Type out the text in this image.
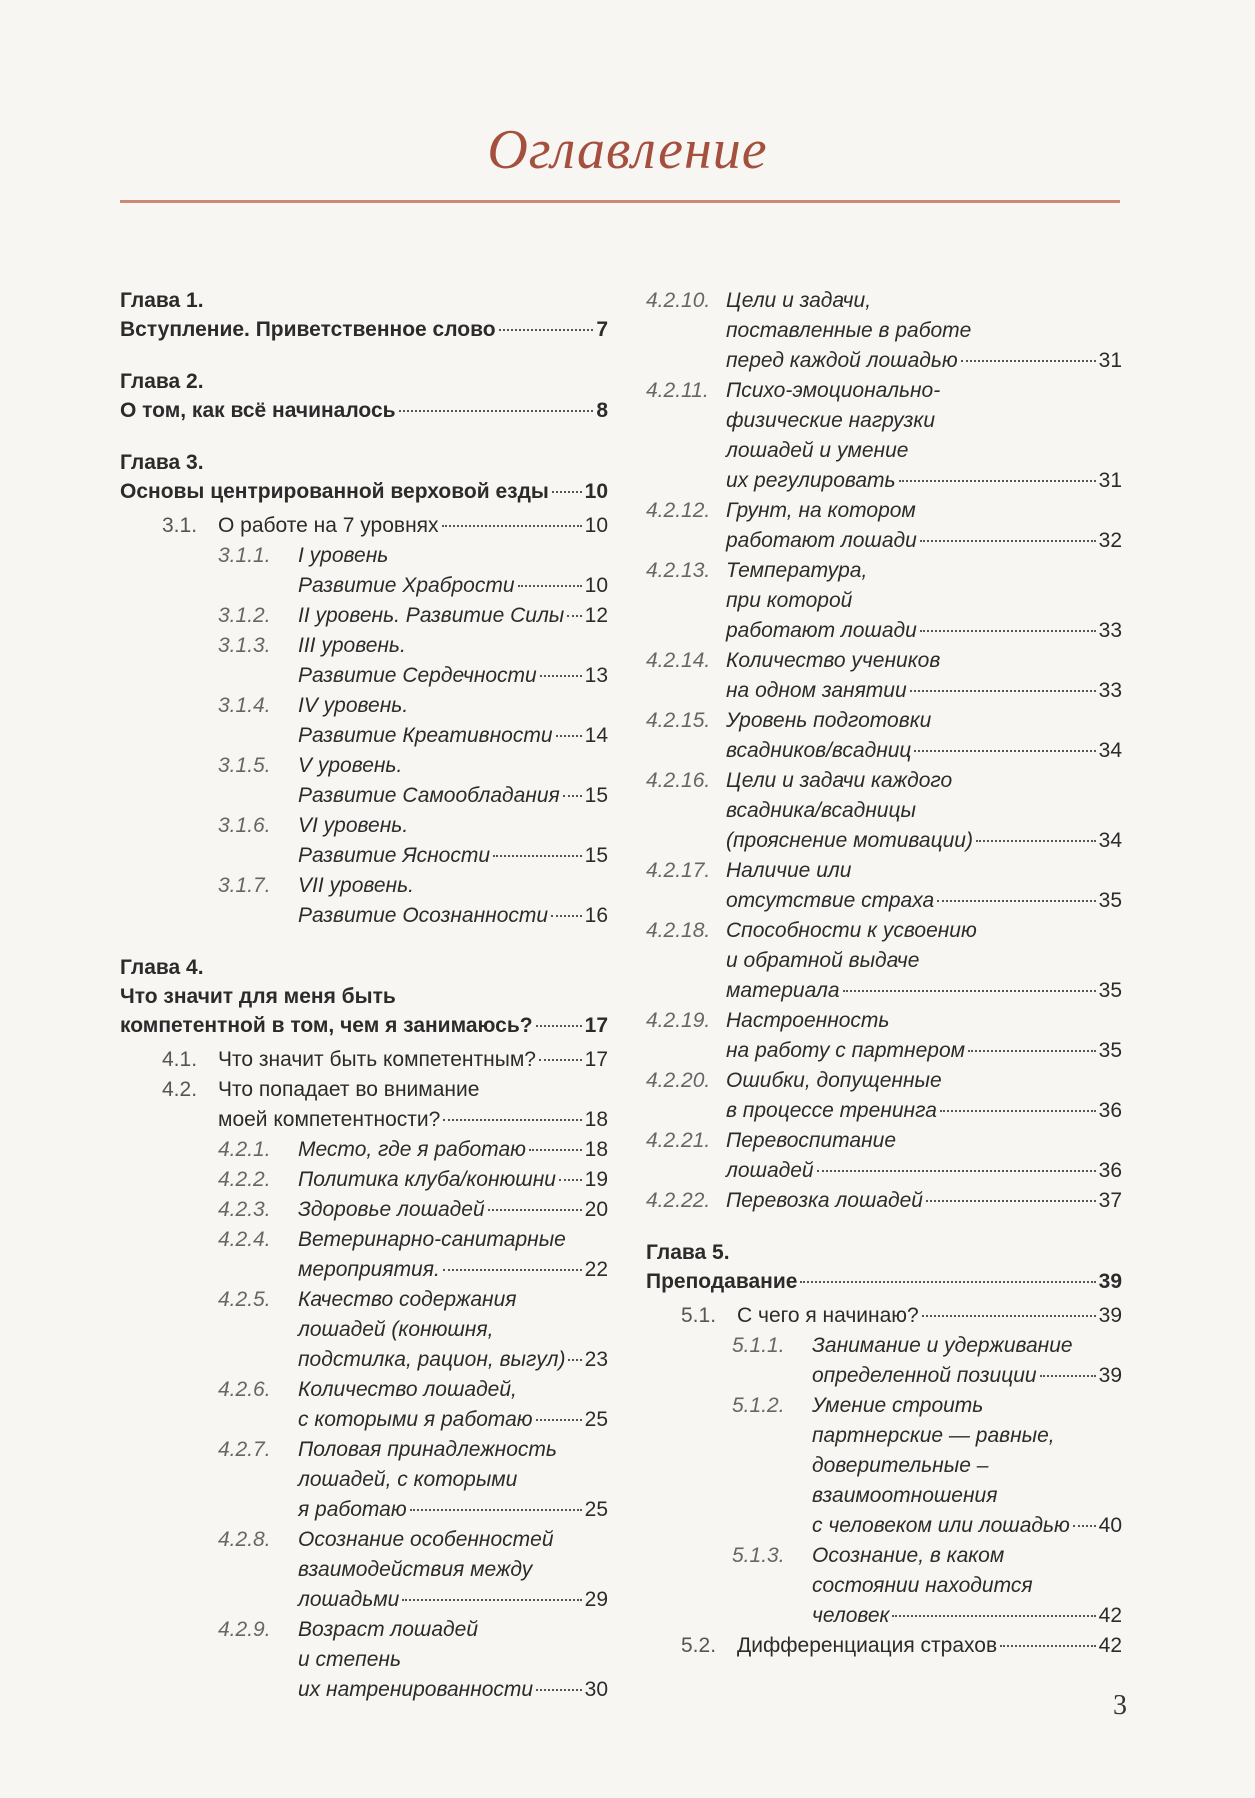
Оглавление
Глава 1.
Вступление. Приветственное слово	7
Глава 2.
О том, как всё начиналось	8
Глава 3.
Основы центрированной верховой езды 10
3.1. О работе на 7 уровнях	10
3.1.1.	I уровень
Развитие Храбрости	10
3.1.2.	II уровень. Развитие Силы 12
3.1.3.	III уровень.
Развитие Сердечности 13
3.1.4.	IV уровень.
Развитие Креативности 14
3.1.5.	V уровень.
Развитие Самообладания 15
3.1.6.	VI уровень.
Развитие Ясности	15
3.1.7.	VII уровень.
Развитие Осознанности 16
Глава 4.
Что значит для меня быть
компетентной в том, чем я занимаюсь? 17
4.1. Что значит быть компетентным? 17
4.2. Что попадает во внимание
моей компетентности?	18
4.2.1.	Место, где я работаю	18
4.2.2.	Политика клуба/конюшни 19
4.2.3.	Здоровье лошадей	20
4.2.4.	Ветеринарно-санитарные
мероприятия.	22
4.2.5.	Качество содержания
лошадей (конюшня,
подстилка, рацион, выгул) 23
4.2.6.	Количество лошадей,
с которыми я работаю 25
4.2.7.	Половая принадлежность
лошадей, с которыми
я работаю	25
4.2.8.	Осознание особенностей
взаимодействия между
лошадьми	29
4.2.9.	Возраст лошадей
и степень
их натренированности 30
4.2.10. Цели и задачи,
поставленные в работе
перед каждой лошадью	31
4.2.11. Психо-эмоционально-
физические нагрузки
лошадей и умение
их регулировать	31
4.2.12. Грунт, на котором
работают лошади	32
4.2.13. Температура,
при которой
работают лошади	33
4.2.14. Количество учеников
на одном занятии	33
4.2.15. Уровень подготовки
всадников/всадниц	34
4.2.16. Цели и задачи каждого
всадника/всадницы
(прояснение мотивации)	34
4.2.17. Наличие или
отсутствие страха	35
4.2.18. Способности к усвоению
и обратной выдаче
материала	35
4.2.19. Настроенность
на работу с партнером	35
4.2.20. Ошибки, допущенные
в процессе тренинга	36
4.2.21. Перевоспитание
лошадей	36
4.2.22. Перевозка лошадей	37
Глава 5.
Преподавание	39
5.1. С чего я начинаю?	39
5.1.1.	Занимание и удерживание
определенной позиции	39
5.1.2.	Умение строить
партнерские — равные,
доверительные –
взаимоотношения
с человеком или лошадью 40
5.1.3.	Осознание, в каком
состоянии находится
человек	42
5.2. Дифференциация страхов	42
3
